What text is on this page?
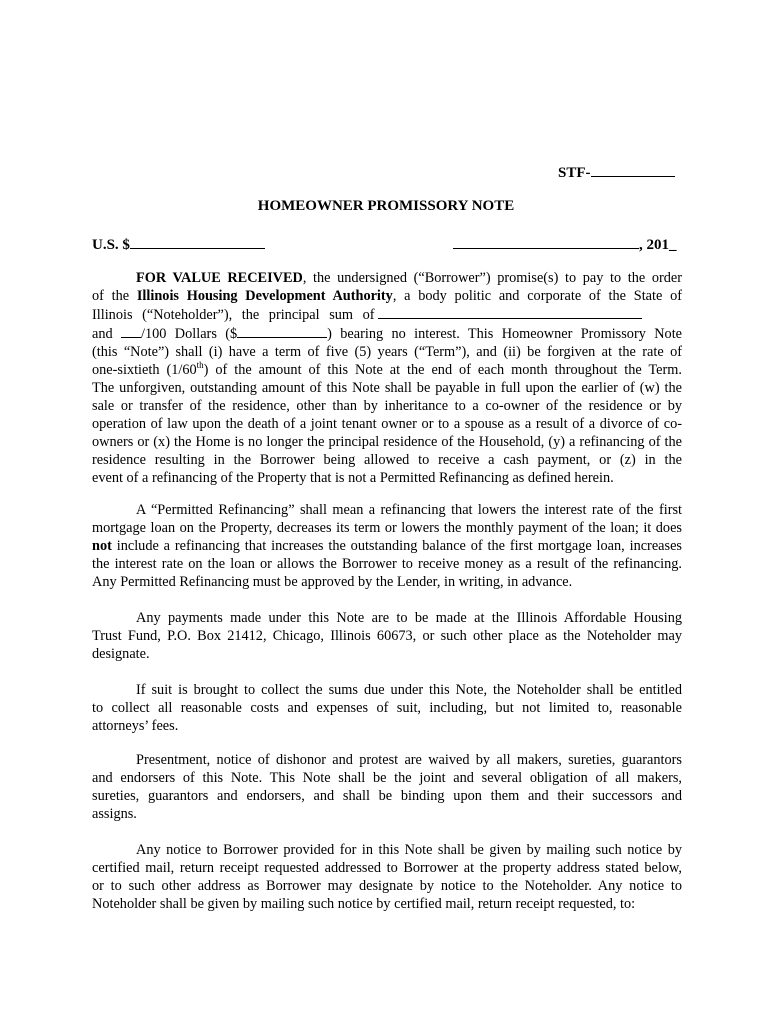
STF-
HOMEOWNER PROMISSORY NOTE
U.S. $	, 201_
FOR VALUE RECEIVED, the undersigned (“Borrower”) promise(s) to pay to the order
of the Illinois Housing Development Authority, a body politic and corporate of the State of
Illinois (“Noteholder”), the principal sum of
and /100 Dollars ($	) bearing no interest. This Homeowner Promissory Note
(this “Note”) shall (i) have a term of five (5) years (“Term”), and (ii) be forgiven at the rate of
one-sixtieth (1/60th) of the amount of this Note at the end of each month throughout the Term.
The unforgiven, outstanding amount of this Note shall be payable in full upon the earlier of (w) the
sale or transfer of the residence, other than by inheritance to a co-owner of the residence or by
operation of law upon the death of a joint tenant owner or to a spouse as a result of a divorce of co-
owners or (x) the Home is no longer the principal residence of the Household, (y) a refinancing of the
residence resulting in the Borrower being allowed to receive a cash payment, or (z) in the
event of a refinancing of the Property that is not a Permitted Refinancing as defined herein.
A “Permitted Refinancing” shall mean a refinancing that lowers the interest rate of the first
mortgage loan on the Property, decreases its term or lowers the monthly payment of the loan; it does
not include a refinancing that increases the outstanding balance of the first mortgage loan, increases
the interest rate on the loan or allows the Borrower to receive money as a result of the refinancing.
Any Permitted Refinancing must be approved by the Lender, in writing, in advance.
Any payments made under this Note are to be made at the Illinois Affordable Housing
Trust Fund, P.O. Box 21412, Chicago, Illinois 60673, or such other place as the Noteholder may
designate.
If suit is brought to collect the sums due under this Note, the Noteholder shall be entitled
to collect all reasonable costs and expenses of suit, including, but not limited to, reasonable
attorneys’ fees.
Presentment, notice of dishonor and protest are waived by all makers, sureties, guarantors
and endorsers of this Note. This Note shall be the joint and several obligation of all makers,
sureties, guarantors and endorsers, and shall be binding upon them and their successors and
assigns.
Any notice to Borrower provided for in this Note shall be given by mailing such notice by
certified mail, return receipt requested addressed to Borrower at the property address stated below,
or to such other address as Borrower may designate by notice to the Noteholder. Any notice to
Noteholder shall be given by mailing such notice by certified mail, return receipt requested, to:
